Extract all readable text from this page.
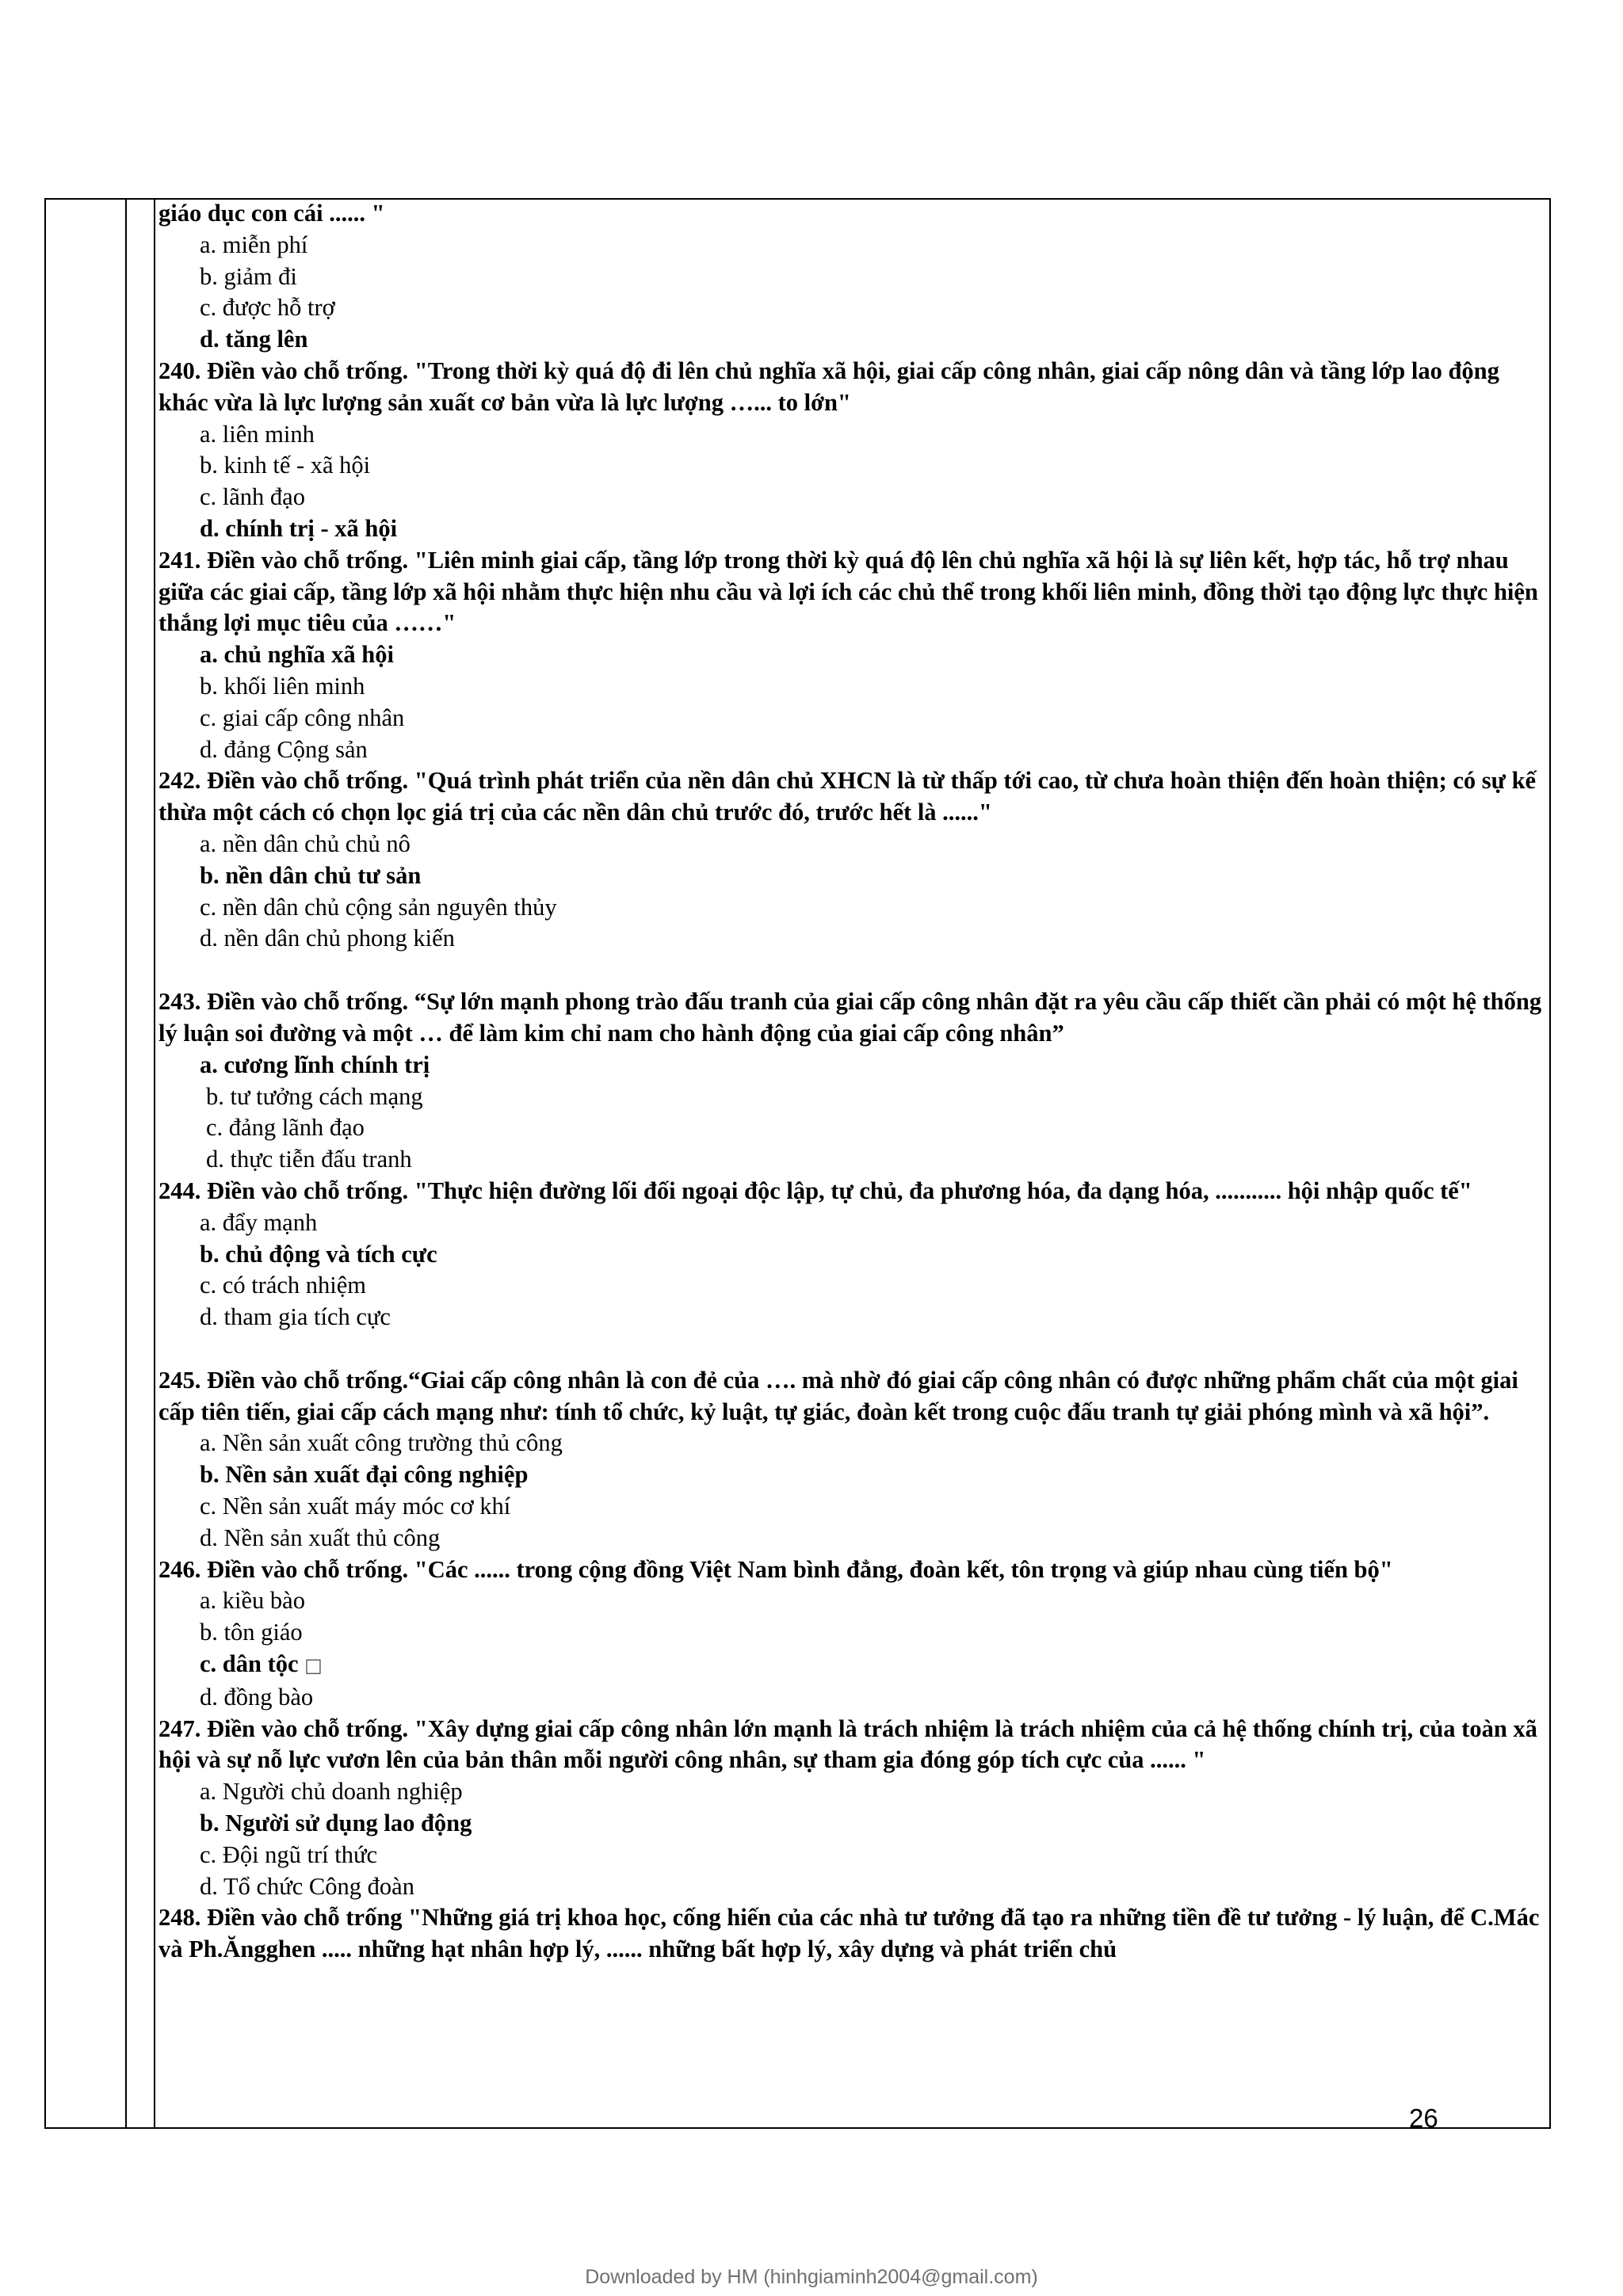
giáo dục con cái ...... "
a. miễn phí
b. giảm đi
c. được hỗ trợ
d. tăng lên
240. Điền vào chỗ trống. "Trong thời kỳ quá độ đi lên chủ nghĩa xã hội, giai cấp công nhân, giai cấp nông dân và tầng lớp lao động khác vừa là lực lượng sản xuất cơ bản vừa là lực lượng …... to lớn"
a. liên minh
b. kinh tế - xã hội
c. lãnh đạo
d. chính trị - xã hội
241. Điền vào chỗ trống. "Liên minh giai cấp, tầng lớp trong thời kỳ quá độ lên chủ nghĩa xã hội là sự liên kết, hợp tác, hỗ trợ nhau giữa các giai cấp, tầng lớp xã hội nhằm thực hiện nhu cầu và lợi ích các chủ thể trong khối liên minh, đồng thời tạo động lực thực hiện thắng lợi mục tiêu của ……"
a. chủ nghĩa xã hội
b. khối liên minh
c. giai cấp công nhân
d. đảng Cộng sản
242. Điền vào chỗ trống. "Quá trình phát triển của nền dân chủ XHCN là từ thấp tới cao, từ chưa hoàn thiện đến hoàn thiện; có sự kế thừa một cách có chọn lọc giá trị của các nền dân chủ trước đó, trước hết là ......"
a. nền dân chủ chủ nô
b. nền dân chủ tư sản
c. nền dân chủ cộng sản nguyên thủy
d. nền dân chủ phong kiến
243. Điền vào chỗ trống. “Sự lớn mạnh phong trào đấu tranh của giai cấp công nhân đặt ra yêu cầu cấp thiết cần phải có một hệ thống lý luận soi đường và một … để làm kim chỉ nam cho hành động của giai cấp công nhân”
a. cương lĩnh chính trị
b. tư tưởng cách mạng
c. đảng lãnh đạo
d. thực tiễn đấu tranh
244. Điền vào chỗ trống. "Thực hiện đường lối đối ngoại độc lập, tự chủ, đa phương hóa, đa dạng hóa, ........... hội nhập quốc tế"
a. đẩy mạnh
b. chủ động và tích cực
c. có trách nhiệm
d. tham gia tích cực
245. Điền vào chỗ trống.“Giai cấp công nhân là con đẻ của …. mà nhờ đó giai cấp công nhân có được những phẩm chất của một giai cấp tiên tiến, giai cấp cách mạng như: tính tổ chức, kỷ luật, tự giác, đoàn kết trong cuộc đấu tranh tự giải phóng mình và xã hội”.
a. Nền sản xuất công trường thủ công
b. Nền sản xuất đại công nghiệp
c. Nền sản xuất máy móc cơ khí
d. Nền sản xuất thủ công
246. Điền vào chỗ trống. "Các ...... trong cộng đồng Việt Nam bình đẳng, đoàn kết, tôn trọng và giúp nhau cùng tiến bộ"
a. kiều bào
b. tôn giáo
c. dân tộc □
d. đồng bào
247. Điền vào chỗ trống. "Xây dựng giai cấp công nhân lớn mạnh là trách nhiệm là trách nhiệm của cả hệ thống chính trị, của toàn xã hội và sự nỗ lực vươn lên của bản thân mỗi người công nhân, sự tham gia đóng góp tích cực của ...... "
a. Người chủ doanh nghiệp
b. Người sử dụng lao động
c. Đội ngũ trí thức
d. Tổ chức Công đoàn
248. Điền vào chỗ trống "Những giá trị khoa học, cống hiến của các nhà tư tưởng đã tạo ra những tiền đề tư tưởng - lý luận, để C.Mác và Ph.Ăngghen ..... những hạt nhân hợp lý, ...... những bất hợp lý, xây dựng và phát triển chủ
26
Downloaded by HM (hinhgiaminh2004@gmail.com)
